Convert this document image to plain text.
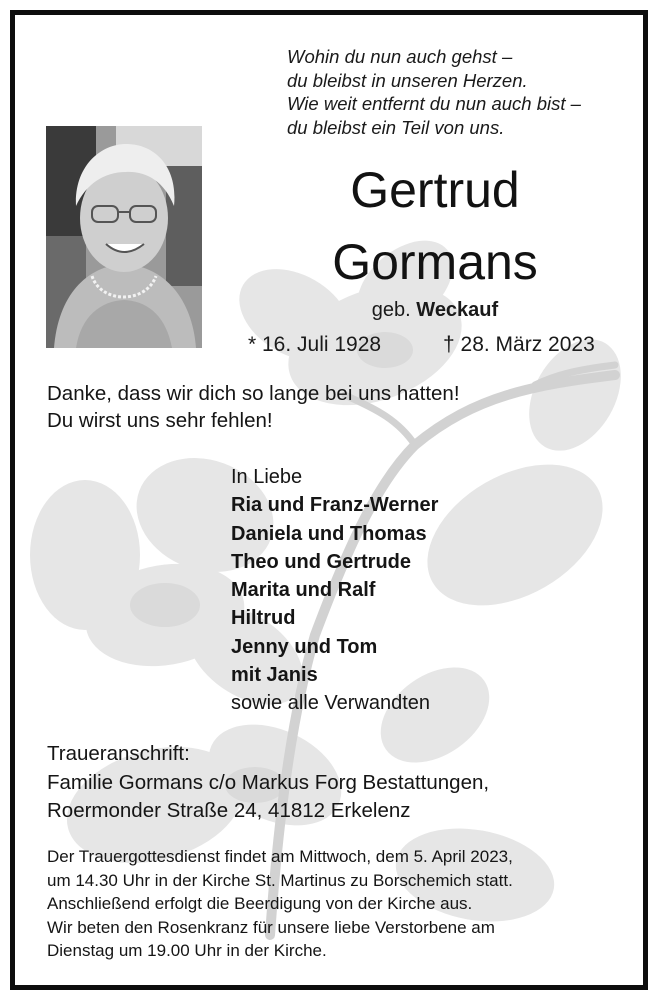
Wohin du nun auch gehst –
du bleibst in unseren Herzen.
Wie weit entfernt du nun auch bist –
du bleibst ein Teil von uns.
Gertrud
Gormans
geb. Weckauf
* 16. Juli 1928	† 28. März 2023
Danke, dass wir dich so lange bei uns hatten!
Du wirst uns sehr fehlen!
In Liebe
Ria und Franz-Werner
Daniela und Thomas
Theo und Gertrude
Marita und Ralf
Hiltrud
Jenny und Tom
mit Janis
sowie alle Verwandten
Traueranschrift:
Familie Gormans c/o Markus Forg Bestattungen,
Roermonder Straße 24, 41812 Erkelenz
Der Trauergottesdienst findet am Mittwoch, dem 5. April 2023,
um 14.30 Uhr in der Kirche St. Martinus zu Borschemich statt.
Anschließend erfolgt die Beerdigung von der Kirche aus.
Wir beten den Rosenkranz für unsere liebe Verstorbene am
Dienstag um 19.00 Uhr in der Kirche.
